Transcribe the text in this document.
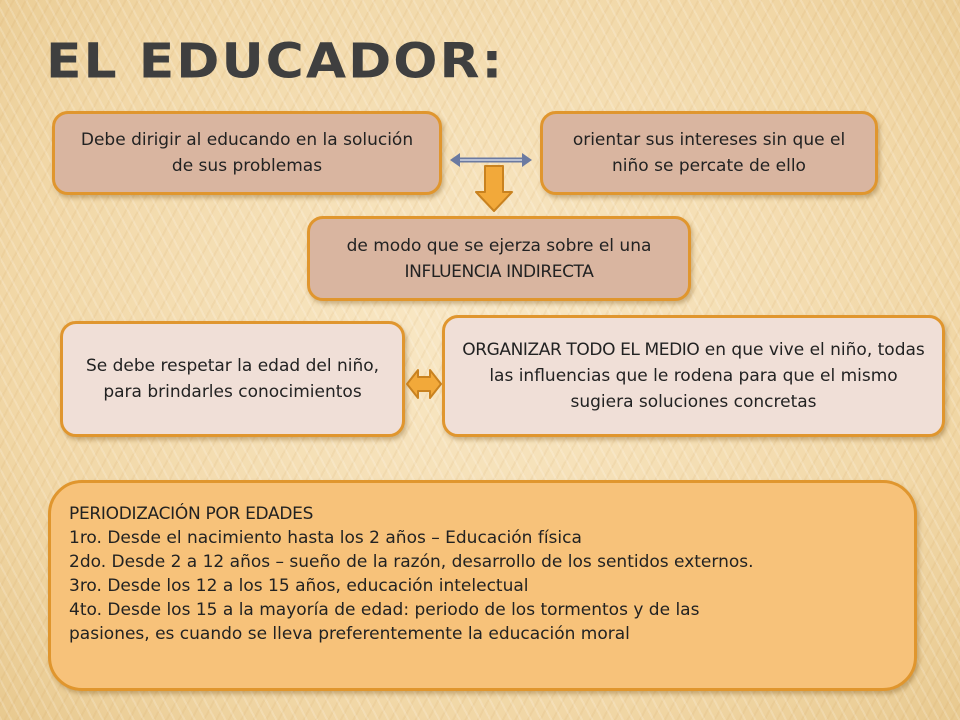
EL EDUCADOR:
Debe dirigir al educando en la solución de sus problemas
orientar sus intereses sin que el niño se percate de ello
de modo que se ejerza sobre el una INFLUENCIA INDIRECTA
Se debe respetar la edad del niño, para brindarles conocimientos
ORGANIZAR TODO EL MEDIO en que vive el niño, todas las influencias que le rodena para que el mismo sugiera soluciones concretas
PERIODIZACIÓN POR EDADES
1ro. Desde el nacimiento hasta los 2 años – Educación física
2do. Desde 2 a 12 años – sueño de la razón, desarrollo de los sentidos externos.
3ro. Desde los 12 a los 15 años, educación intelectual
4to. Desde los 15 a la mayoría de edad: periodo de los tormentos y de las
pasiones, es cuando se lleva preferentemente la educación moral
